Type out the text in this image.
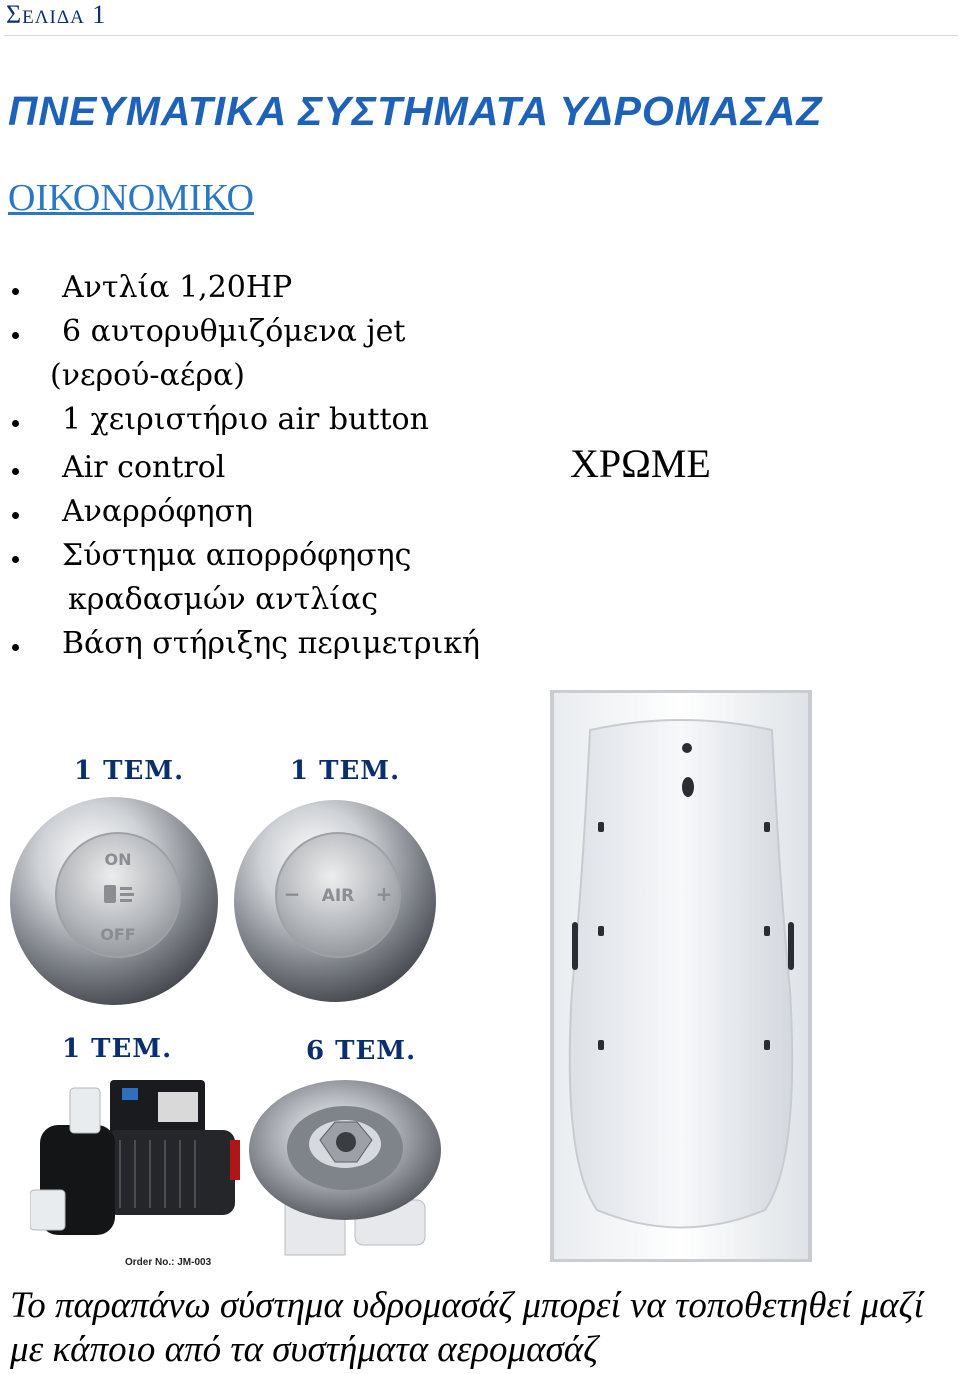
ΣΕΛΙΔΑ 1
ΠΝΕΥΜΑΤΙΚΑ ΣΥΣΤΗΜΑΤΑ ΥΔΡΟΜΑΣΑΖ
ΟΙΚΟΝΟΜΙΚΟ
Αντλία 1,20HP
6 αυτορυθμιζόμενα jet
(νερού-αέρα)
1 χειριστήριο air button
Air control
Αναρρόφηση
Σύστημα απορρόφησης
κραδασμών αντλίας
Βάση στήριξης περιμετρική
ΧΡΩΜΕ
1 ΤΕΜ.	1 ΤΕΜ.
1 ΤΕΜ.	6 ΤΕΜ.
ON
OFF
− AIR +
Order No.: JM-003
Το παραπάνω σύστημα υδρομασάζ μπορεί να τοποθετηθεί μαζί
με κάποιο από τα συστήματα αερομασάζ
